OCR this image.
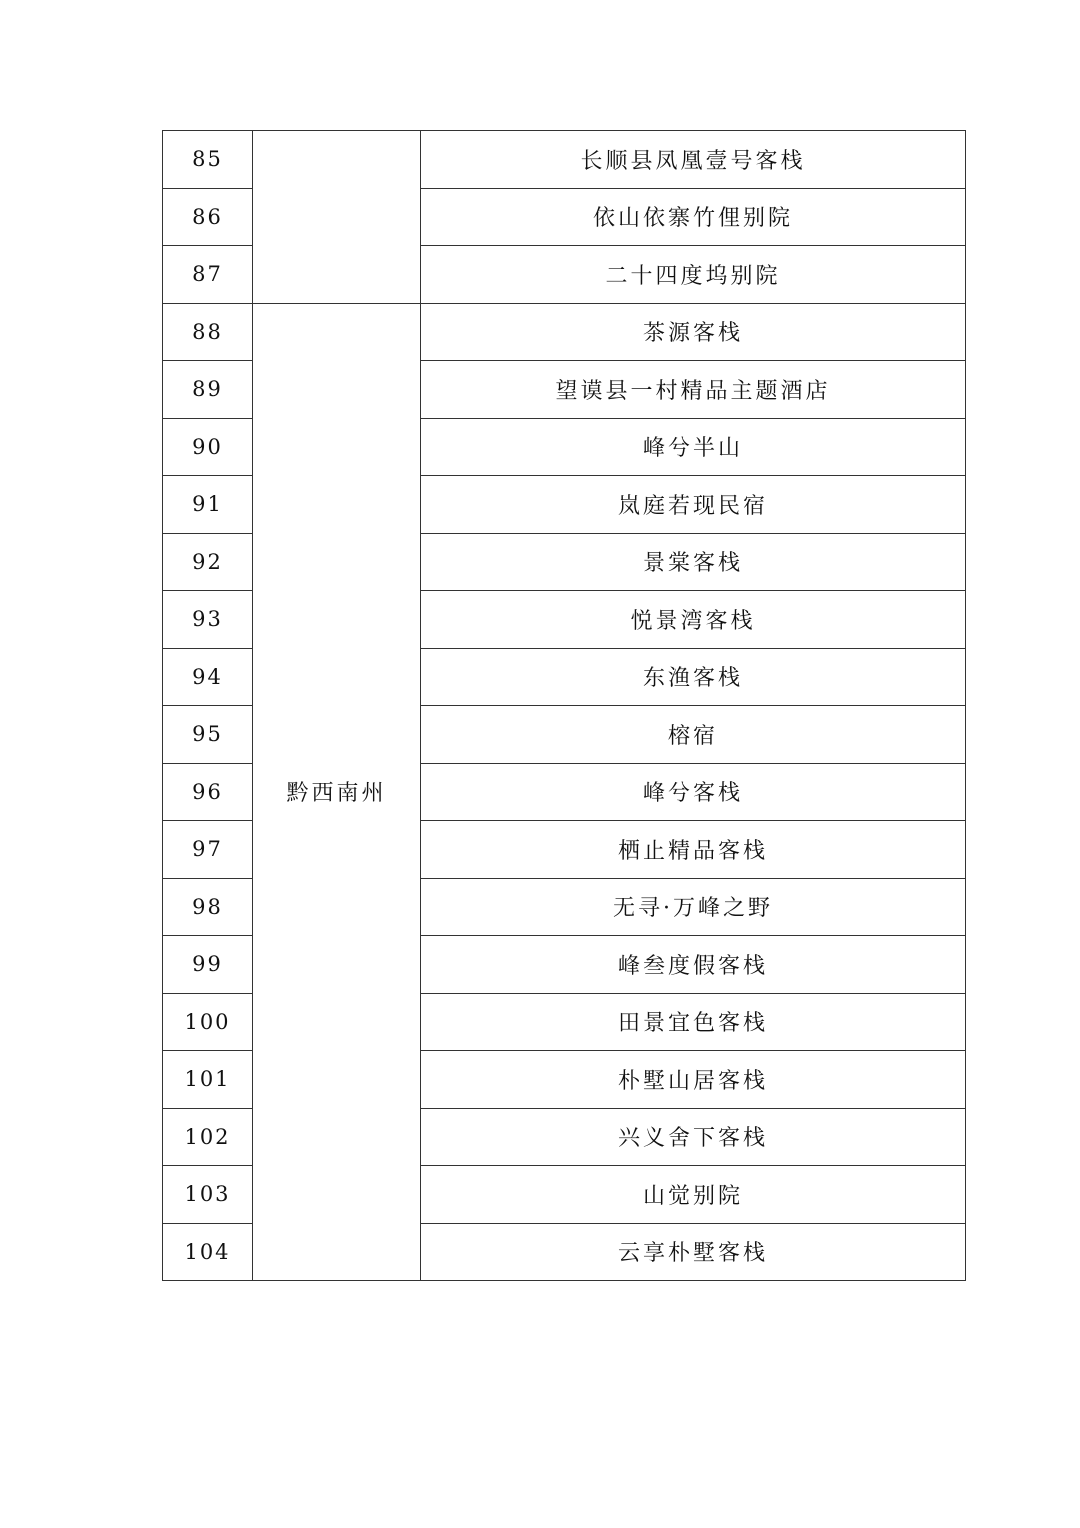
85		长顺县凤凰壹号客栈
86		依山依寨竹俚别院
87		二十四度坞别院
88	黔西南州	茶源客栈
89		望谟县一村精品主题酒店
90		峰兮半山
91		岚庭若现民宿
92		景棠客栈
93		悦景湾客栈
94		东渔客栈
95		榕宿
96		峰兮客栈
97		栖止精品客栈
98		无寻·万峰之野
99		峰叁度假客栈
100		田景宜色客栈
101		朴墅山居客栈
102		兴义舍下客栈
103		山觉别院
104		云享朴墅客栈
